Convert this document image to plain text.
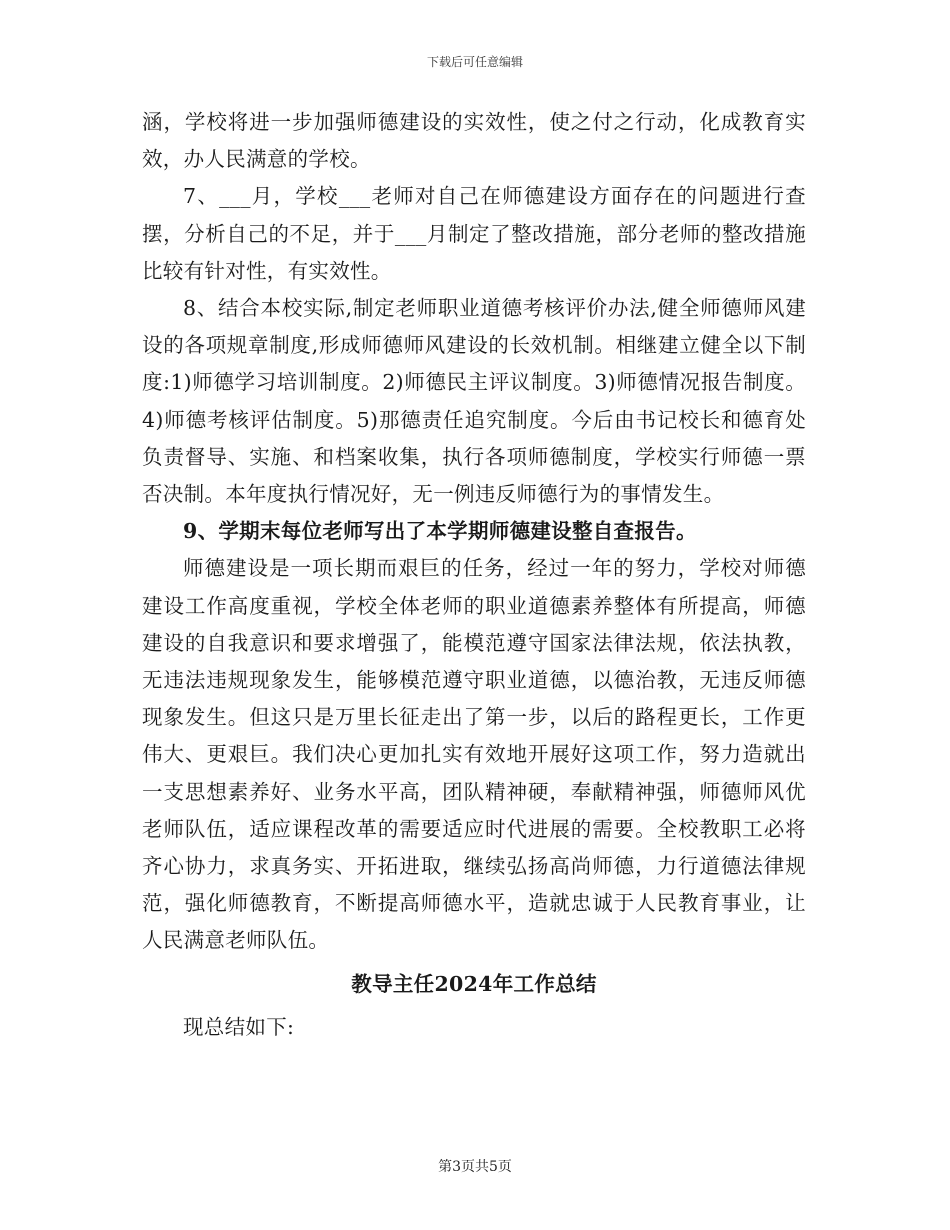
下载后可任意编辑

涵，学校将进一步加强师德建设的实效性，使之付之行动，化成教育实效，办人民满意的学校。

7、___月，学校___老师对自己在师德建设方面存在的问题进行查摆，分析自己的不足，并于___月制定了整改措施，部分老师的整改措施比较有针对性，有实效性。

8、结合本校实际,制定老师职业道德考核评价办法,健全师德师风建设的各项规章制度,形成师德师风建设的长效机制。相继建立健全以下制度:1)师德学习培训制度。2)师德民主评议制度。3)师德情况报告制度。4)师德考核评估制度。5)那德责任追究制度。今后由书记校长和德育处负责督导、实施、和档案收集，执行各项师德制度，学校实行师德一票否决制。本年度执行情况好，无一例违反师德行为的事情发生。

9、学期末每位老师写出了本学期师德建设整自查报告。

师德建设是一项长期而艰巨的任务，经过一年的努力，学校对师德建设工作高度重视，学校全体老师的职业道德素养整体有所提高，师德建设的自我意识和要求增强了，能模范遵守国家法律法规，依法执教，无违法违规现象发生，能够模范遵守职业道德，以德治教，无违反师德现象发生。但这只是万里长征走出了第一步，以后的路程更长，工作更伟大、更艰巨。我们决心更加扎实有效地开展好这项工作，努力造就出一支思想素养好、业务水平高，团队精神硬，奉献精神强，师德师风优老师队伍，适应课程改革的需要适应时代进展的需要。全校教职工必将齐心协力，求真务实、开拓进取，继续弘扬高尚师德，力行道德法律规范，强化师德教育，不断提高师德水平，造就忠诚于人民教育事业，让人民满意老师队伍。

教导主任2024年工作总结

现总结如下:

第3页共5页
